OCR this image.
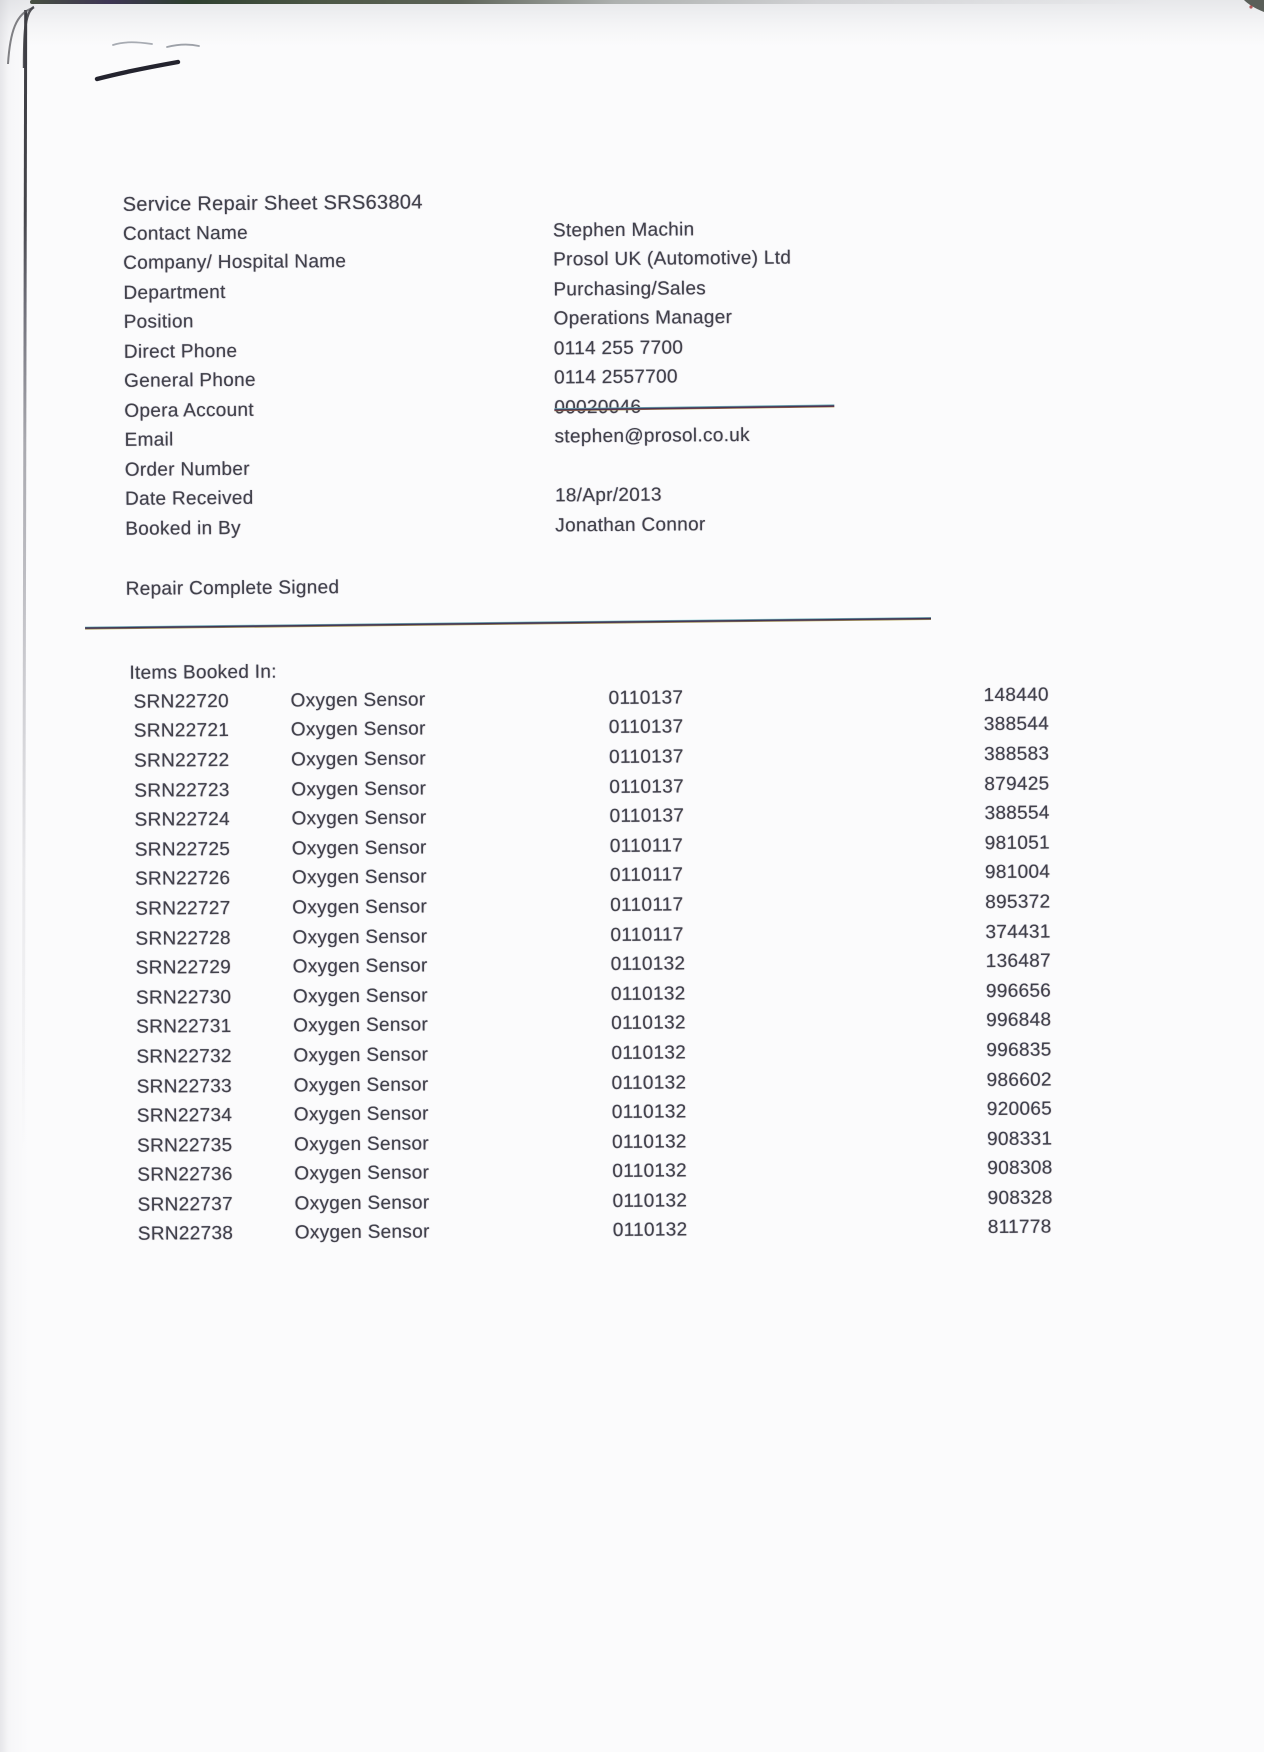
Service Repair Sheet SRS63804
Contact Name	Stephen Machin
Company/ Hospital Name	Prosol UK (Automotive) Ltd
Department	Purchasing/Sales
Position	Operations Manager
Direct Phone	0114 255 7700
General Phone	0114 2557700
Opera Account
Email	stephen@prosol.co.uk
Order Number
Date Received	18/Apr/2013
Booked in By	Jonathan Connor
Repair Complete Signed
Items Booked In:
SRN22720	Oxygen Sensor	0110137	148440
SRN22721	Oxygen Sensor	0110137	388544
SRN22722	Oxygen Sensor	0110137	388583
SRN22723	Oxygen Sensor	0110137	879425
SRN22724	Oxygen Sensor	0110137	388554
SRN22725	Oxygen Sensor	0110117	981051
SRN22726	Oxygen Sensor	0110117	981004
SRN22727	Oxygen Sensor	0110117	895372
SRN22728	Oxygen Sensor	0110117	374431
SRN22729	Oxygen Sensor	0110132	136487
SRN22730	Oxygen Sensor	0110132	996656
SRN22731	Oxygen Sensor	0110132	996848
SRN22732	Oxygen Sensor	0110132	996835
SRN22733	Oxygen Sensor	0110132	986602
SRN22734	Oxygen Sensor	0110132	920065
SRN22735	Oxygen Sensor	0110132	908331
SRN22736	Oxygen Sensor	0110132	908308
SRN22737	Oxygen Sensor	0110132	908328
SRN22738	Oxygen Sensor	0110132	811778
